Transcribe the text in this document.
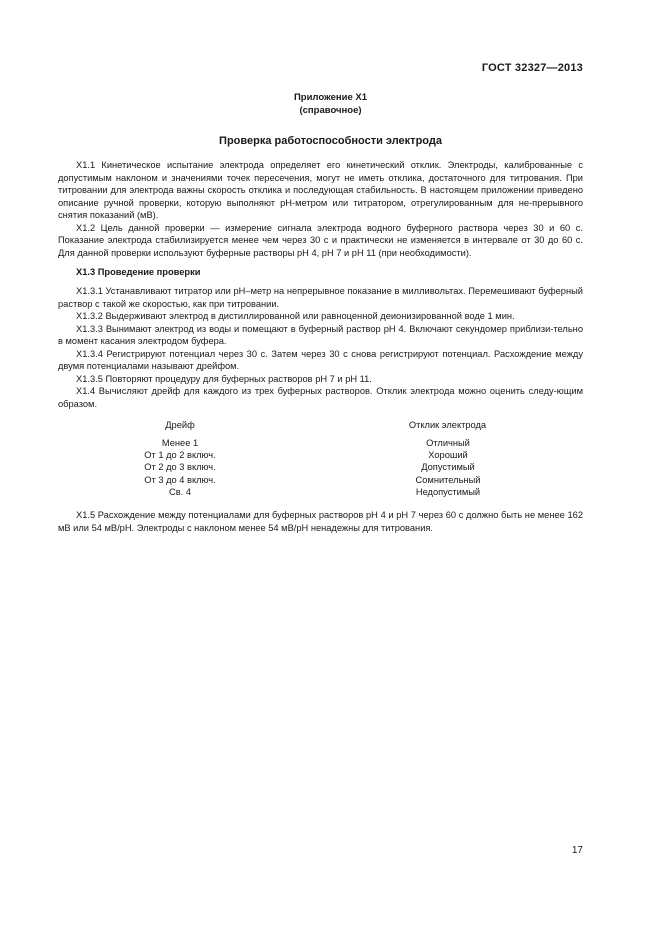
ГОСТ 32327—2013
Приложение Х1
(справочное)
Проверка работоспособности электрода

Х1.1 Кинетическое испытание электрода определяет его кинетический отклик. Электроды, калиброванные с допустимым наклоном и значениями точек пересечения, могут не иметь отклика, достаточного для титрования. При титровании для электрода важны скорость отклика и последующая стабильность. В настоящем приложении приведено описание ручной проверки, которую выполняют pH-метром или титратором, отрегулированным для не-прерывного снятия показаний (мВ).

Х1.2 Цель данной проверки — измерение сигнала электрода водного буферного раствора через 30 и 60 с. Показание электрода стабилизируется менее чем через 30 с и практически не изменяется в интервале от 30 до 60 с. Для данной проверки используют буферные растворы pH 4, pH 7 и pH 11 (при необходимости).

Х1.3 Проведение проверки

Х1.3.1 Устанавливают титратор или pH–метр на непрерывное показание в милливольтах. Перемешивают буферный раствор с такой же скоростью, как при титровании.

Х1.3.2 Выдерживают электрод в дистиллированной или равноценной деионизированной воде 1 мин.

Х1.3.3 Вынимают электрод из воды и помещают в буферный раствор pH 4. Включают секундомер приблизи-тельно в момент касания электродом буфера.

Х1.3.4 Регистрируют потенциал через 30 с. Затем через 30 с снова регистрируют потенциал. Расхождение между двумя потенциалами называют дрейфом.

Х1.3.5 Повторяют процедуру для буферных растворов pH 7 и pH 11.

Х1.4 Вычисляют дрейф для каждого из трех буферных растворов. Отклик электрода можно оценить следу-ющим образом.

Дрейф	Отклик электрода
Менее 1
От 1 до 2 включ.
От 2 до 3 включ.
От 3 до 4 включ.
Св. 4
Отличный
Хороший
Допустимый
Сомнительный
Недопустимый

Х1.5 Расхождение между потенциалами для буферных растворов pH 4 и pH 7 через 60 с должно быть не менее 162 мВ или 54 мВ/pH. Электроды с наклоном менее 54 мВ/pH ненадежны для титрования.

17
